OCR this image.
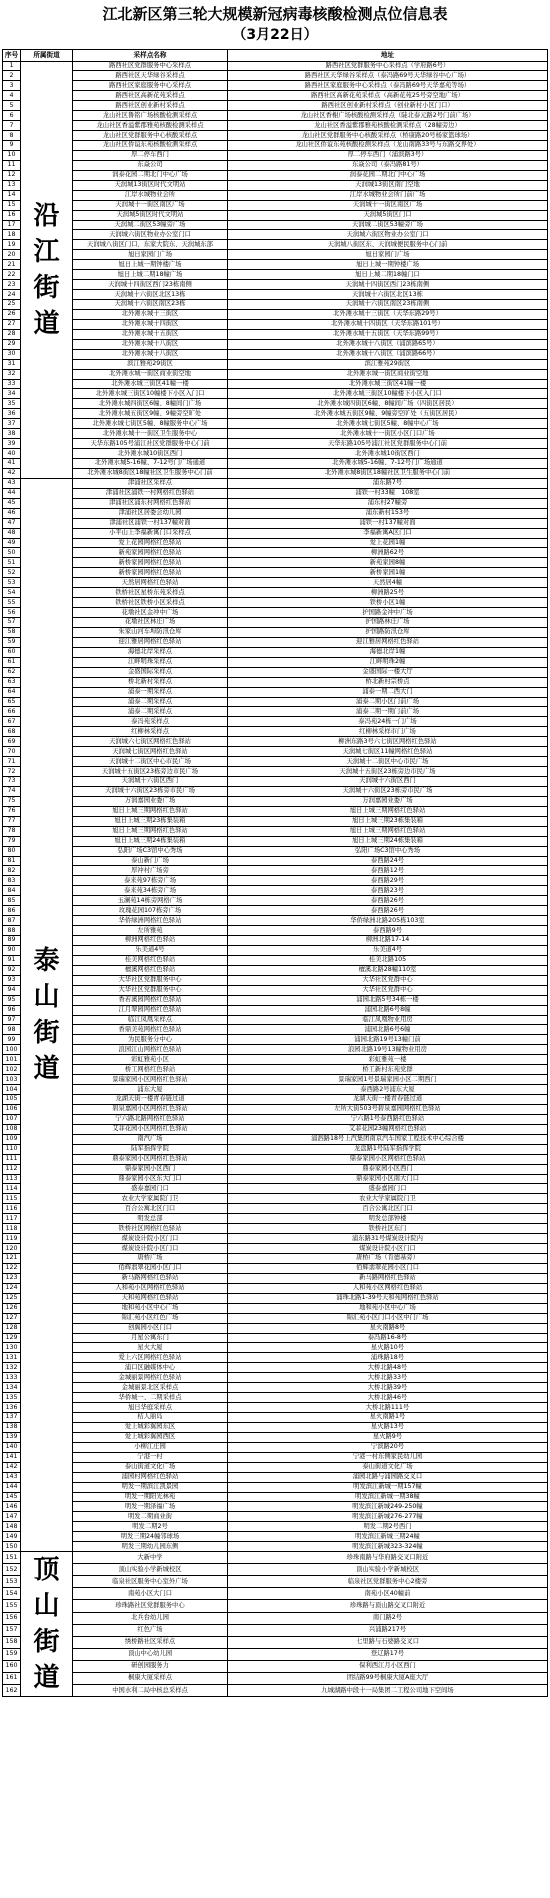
江北新区第三轮大规模新冠病毒核酸检测点位信息表
（3月22日）
序号	所属街道	采样点名称	地址
1	沿江街道	路西社区党群服务中心采样点	路西社区党群服务中心采样点（学府路6号）
2		路西社区天华绿谷采样点	路西社区天华绿谷采样点（泰冯路69号天华绿谷中心广场）
3		路西社区家庭服务中心采样点	路西社区家庭服务中心采样点（泰冯路69号天华嘉苑等场）
4		路西社区高新花苑采样点	路西社区高新花苑采样点（高新花苑25号旁空地广场）
5		路西社区创业新村采样点	路西社区创业新村采样点（创业新村小区门口）
6		龙山社区鲁铭广场核酸检测采样点	龙山社区香榭广场核酸检测采样点（陡北泰元路2号门前广场）
7		龙山社区香溢紫郡雅苑核酸检测采样点	龙山社区香溢紫郡雅苑核酸检测采样点（28幢旁边）
8		龙山社区党群服务中心核酸采样点	龙山社区党群服务中心核酸采样点（桥康路20号杨家篮球场）
9		龙山社区侨谊东苑核酸检测采样点	龙山社区侨谊东苑核酸检测采样点（龙山南路33号与东路交界处）
10		厚二停车西门	厚二停车西门（浦滨路3号）
11		东焱公司	东焱公司（泰冯路81号）
12		润泰花园二期北门中心广场	润泰花园二期北门中心广场
13		天润城13街区时代文明站	天润城13街区南门空地
14		江岸水城物业会所	江岸水城物业会所门前广场
15		天润城十一街区南区广场	天润城十一街区南区广场
16		天润城5街区时代文明站	天润城5街区门口
17		天润城二街区53幢旁广场	天润城二街区53幢旁广场
18		天润城六街区物业办公室门口	天润城六街区物业办公室门口
19		天润城八街区门口、东家大院东、天润城东部	天润城八街区东、天润城便民服务中心门前
20		旭日家园门广场	旭日家园门广场
21		旭日上城一期钟楼广场	旭日上城一期钟楼广场
22		旭日上城二期18幢广场	旭日上城二期18幢门口
23		天润城十四街区西门23栋南侧	天润城十四街区西门23栋南侧
24		天润城十六街区北区13栋	天润城十六街区北区13栋
25		天润城十六街区南区23栋	天润城十六街区南区23栋南侧
26		北外滩水城十三街区	北外滩水城十三街区（天华东路29号）
27		北外滩水城十四街区	北外滩水城十四街区（天华东路101号）
28		北外滩水城十五街区	北外滩水城十五街区（天华东路99号）
29		北外滩水城十八街区	北外滩水城十八街区（浦滨路65号）
30		北外滩水城十八街区	北外滩水城十八街区（浦滨路66号）
31		滨江雅苑29街区	滨江雅苑29街区
32		北外滩水城一街区商业街空地	北外滩水城一街区商业街空地
33		北外滩水城三街区41幢一楼	北外滩水城三街区41幢一楼
34		北外滩水城三街区10幢楼下小区入门口	北外滩水城三街区10幢楼下小区入门口
35		北外滩水城四街区6幢、8幢间门广场	北外滩水城四街区6幢、8幢间广场（四街区居民）
36		北外滩水城五街区9幢、9幢旁空旷处	北外滩水城五街区9幢、9幢旁空旷处（五街区居民）
37		北外滩水城七街区5幢、8幢服务中心广场	北外滩水城七街区5幢、8幢中心广场
38		北外滩水城十一街区卫生服务中心	北外滩水城十一街区小区门口广场
39		天华东路105号浦江社区党群服务中心门前	天华东路105号浦江社区党群服务中心门前
40		北外滩水城10街区西门	北外滩水城10街区西门
41		北外滩水城5-16幢、7-12号门广场通道	北外滩水城5-16幢、7-12号门广场通道
42		北外滩水城8街区18幢社区卫生服务中心门前	北外滩水城8街区18幢社区卫生服务中心门前
43	泰山街道	津浦社区采样点	浦东路7号
44		津浦社区浦铁一村网格红色驿站	浦铁一村33幢　108室
45		津浦社区浦东村网格红色驿站	浦东村27幢旁
46		津浦社区居委会幼儿园	浦东新村153号
47		津浦社区浦铁一村137幢对面	浦铁一村137幢对面
48		小平山上李福新寓门口采样点	李福新寓A区门口
49		爱上花园网格红色驿站	爱上花园1幢
50		新苑家园网格红色驿站	柳洲路62号
51		新桥家园网格红色驿站	新苑家园8幢
52		新桥家园网格红色驿站	新桥家园1幢
53		天然居网格红色驿站	天然居4幢
54		铁桥社区星桥东苑采样点	柳洲路25号
55		铁桥社区铁桥小区采样点	铁桥小区1幢
56		花墩社区金冲中广场	护国路金冲中广场
57		花墩社区林庄广场	护国路林庄广场
58		朱家山河车埠防汛仓库	护国路防汛仓库
59		迎江雅居网格红色驿站	迎江雅居网格红色驿站
60		海德北岸采样点	海德北岸1幢
61		江畔明珠采样点	江畔明珠2幢
62		金盛国际采样点	金盛国际一楼大厅
63		桥北新村采样点	桥北新村宗桥点
64		浦泰一期采样点	浦泰一期二西大门
65		浦泰二期采样点	浦泰二期小区门前广场
66		浦泰二期采样点	浦泰二期一期门前广场
67		泰冯苑采样点	泰冯苑24栋一门广场
68		红柳林采样点	红柳林采样市门广场
69		天润城六七街区网格红色驿站	柳洲东路3号六七街区网格红色驿站
70		天润城七街区网格红色驿站	天润城七街区11幢网格红色驿站
71		天润城十二街区中心市民广场	天润城十二街区中心市民广场
72		天润城十五街区23栋旁边市民广场	天润城十五街区23栋旁边市民广场
73		天润城十六街区西门	天润城十六街区西门
74		天润城十六街区23栋旁市民广场	天润城十六街区23栋旁市民广场
75		万润嘉园业委广场	万润嘉园业委广场
76		旭日上城三期网格红色驿站	旭日上城三期网格红色驿站
77		旭日上城三期23栋集装箱	旭日上城三期23栋集装箱
78		旭日上城三期网格红色驿站	旭日上城三期网格红色驿站
79		旭日上城三期24栋集装箱	旭日上城三期24栋集装箱
80		弘阳广场C3馆中心秀场	弘阳广场C3馆中心秀场
81		泰山新门广场	泰西路24号
82		厚冲村广场旁	泰西路12号
83		泰来苑97栋旁广场	泰西路29号
84		泰来苑34栋旁广场	泰西路23号
85		玉澜苑14栋旁网格广场	泰西路26号
86		玫瑰花园107栋旁广场	泰西路26号
87		华侨绿洲网格红色驿站	华侨绿洲北路205栋103室
88		左所雅苑	泰西路9号
89		柳洲网格红色驿站	柳洲北路17-14
90		乐美道4号	乐美道4号
91		桂美网格红色驿站	桂美北路105
92		檀溪网格红色驿站	檀溪北路28幢110室
93		大华社区党群服务中心	大华社区党群中心
94		大华社区党群服务中心	大华社区党群中心
95		香若溪园网格红色驿站	浦园北路5号34栋一楼
96		江月翠园网格红色驿站	浦园北路6号8幢
97		临江凤凰采样点	临江凤凰物业用房
98		香鼎美苑网格红色驿站	浦园北路6号6幢
99		为民服务分中心	浦园北路19号13幢门前
100		浪园江山网格红色驿站	浪园北路19号13幢物业用房
101		彩虹雅苑小区	彩虹雅苑一楼
102		桥工网格红色驿站	桥工新村东苑党群
103		景瑞家园小区网格红色驿站	景瑞家园1号景瑞家园小区二期西门
104		浦东大厦	泰西路2号浦东大厦
105		龙湖天街一楼青春链过道	龙湖天街一楼青春链过道
106		碧泉嘉园小区网格红色驿站	左所大街503号碧泉嘉园网格红色驿站
107		宁六路北路网格红色驿站	宁六路1号泰西路红色驿站
108		艾菲花园小区网格红色驿站	艾菲花园23幢网格红色驿站
109		南汽广场	浦泗路18号上汽集团南京汽车国家工程技术中心综合楼
110		陆军指挥学院	龙盘路1号陆军指挥学院
111		鼎泰家园小区网格红色驿站	鼎泰家园小区网格红色驿站
112		鼎泰家园小区西门	鼎泰家园小区西门
113		鼎泰家园小区东大门口	鼎泰家园小区南大门口
114		盛泰嘉园门口	盛泰嘉园门口
115		农业大学家属院门卫	农业大学家属院门卫
116		百合公寓北区门口	百合公寓北区门口
117		明发总部	明发总部钟楼
118		铁桥社区网格红色驿站	铁桥社区东门
119		煤炭设计院小区门口	浦东路31号煤炭设计院内
120		煤炭设计院小区门口	煤炭设计院小区门口
121		唐桥广场	唐桥广场（肯德基旁）
122		佰辉翡翠花园小区门口	佰辉翡翠花园小区门口
123		新马路网格红色驿站	新马路网格红色驿站
124		人和苑小区网格红色驿站	人和苑小区网格红色驿站
125		天和苑网格红色驿站	浦珠北路1-39号天和苑网格红色驿站
126		地和苑小区中心广场	地和苑小区中心广场
127		锦汇苑小区红色广场	锦汇苑小区门口小区中门广场
128		创翼园小区门口	星火南路8号
129		月星公寓东门	泰冯路16-8号
130		星火大厦	星火路10号
131		爱上六区网格红色驿站	浦珠路18号
132		浦口区融媒体中心	大桥北路48号
133		金城丽景网格红色驿站	大桥北路33号
134		金城丽景北区采样点	大桥北路39号
135		华侨城一、二期采样点	大桥北路46号
136		旭日华庭采样点	大桥北路111号
137		桔人丽岛	星火南路1号
138		爱上城彩翼园东区	星火路13号
139		爱上城彩翼园西区	星火路9号
140		小柳江庄园	宁滨路20号
141		宁港一村	宁港一村东侧家民幼儿园
142		泰山街道文化广场	泰山街道文化广场
143		浦园村网格红色驿站	浦园北路与浦园路交叉口
144		明发一期滨江凯景园	明发滨江新城一期157幢
145		明发一期阳光林苑	明发滨江新城一期38幢
146		明发一期泽福广场	明发滨江新城249-250幢
147		明发二期商业街	明发滨江新城276-277幢
148		明发二期2号	明发二期2号西门
149		明发三期24幢邻球场	明发滨江新城三期24幢
150		明发三期幼儿园东侧	明发滨江新城323-324幢
151	顶山街道	大新中学	珍珠南路与华府路交叉口附近
152		顶山实验小学新城校区	顶山实验小学新城校区
153		临泉社区服务中心室外广场	临泉社区党群服务中心2楼旁
154		南苑小区大门口	南苑小区40幢前
155		珍珠路社区党群服务中心	珍珠路与顶山路交叉口附近
156		北兵台幼儿园	南门路2号
157		红色广场	兴浦路217号
158		绣桥路社区采样点	七里路与石婆路交叉口
159		顶山中心幼儿园	登辽路17号
160		研创园服务力	保利西江月小区西门
161		桐康大厦采样点	团结路99号桐康大厦A座大厅
162		中国水利二局中核总采样点	九城湖路中段十一局集团二工程公司地下空间场
